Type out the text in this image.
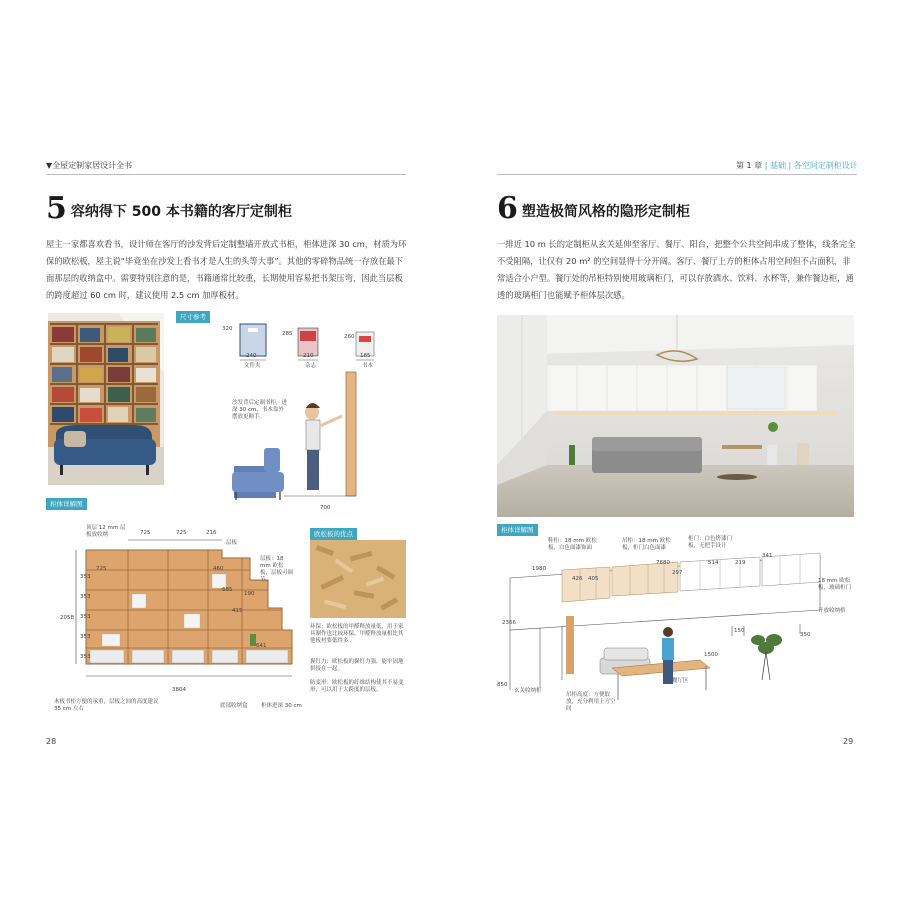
▼全屋定制家居设计全书	第 1 章 | 基础 | 各空间定制柜设计
5 容纳得下 500 本书籍的客厅定制柜
屋主一家都喜欢看书，设计师在客厅的沙发背后定制整墙开放式书柜，柜体进深 30 cm，材质为环保的欧松板，屋主说“毕竟坐在沙发上看书才是人生的头等大事”。其他的零碎物品统一存放在最下面那层的收纳盒中。需要特别注意的是，书籍通常比较重，长期使用容易把书架压弯，因此当层板的跨度超过 60 cm 时，建议使用 2.5 cm 加厚板材。
尺寸参考
320
240
文件夹
285
210
杂志
260
185
书本
沙发背后定制书柜，进深 30 cm，书本靠外摆放更顺手。
700
柜体详解图
725	725	216
725	460
685
190
415
641
2058
3804
353
353
353
353
353
顶层 12 mm 层板放收纳
层板
层板：18 mm 欧松板，层板可调节。
木板书柜方便的承重，层板之间的高度建议 35 cm 左右	底部收纳盒 柜体进深 30 cm
欧松板的优点
环保：欧松板的甲醛释放量低，用于家具制作也比较环保，甲醛释放量相比其他板材要低得多。
握钉力：欧松板的握钉力强，能牢固地拼接在一起。
防变形：欧松板的纤维结构使其不易变形，可以用于大跨度的层板。
28
6 塑造极简风格的隐形定制柜
一排近 10 m 长的定制柜从玄关延伸至客厅、餐厅、阳台，把整个公共空间串成了整体，线条完全不受阻隔，让仅有 20 m² 的空间显得十分开阔。客厅、餐厅上方的柜体占用空间但不占面积，非常适合小户型。餐厅处的吊柜特别使用玻璃柜门，可以存放酒水、饮料、水杯等，兼作餐边柜，通透的玻璃柜门也能赋予柜体层次感。
柜体详解图
1980
426 405
7680
297
514	219
341
350
2366
1500
850
150
鞋柜：18 mm 欧松板，白色面漆饰面
吊柜：18 mm 欧松板，柜门白色面漆
柜门：白色烤漆门板，无把手设计
18 mm 欧松板，玻璃柜门
开放收纳格
玄关收纳柜
吊柜高度：方便取放，充分利用上方空间
餐厅区
29
